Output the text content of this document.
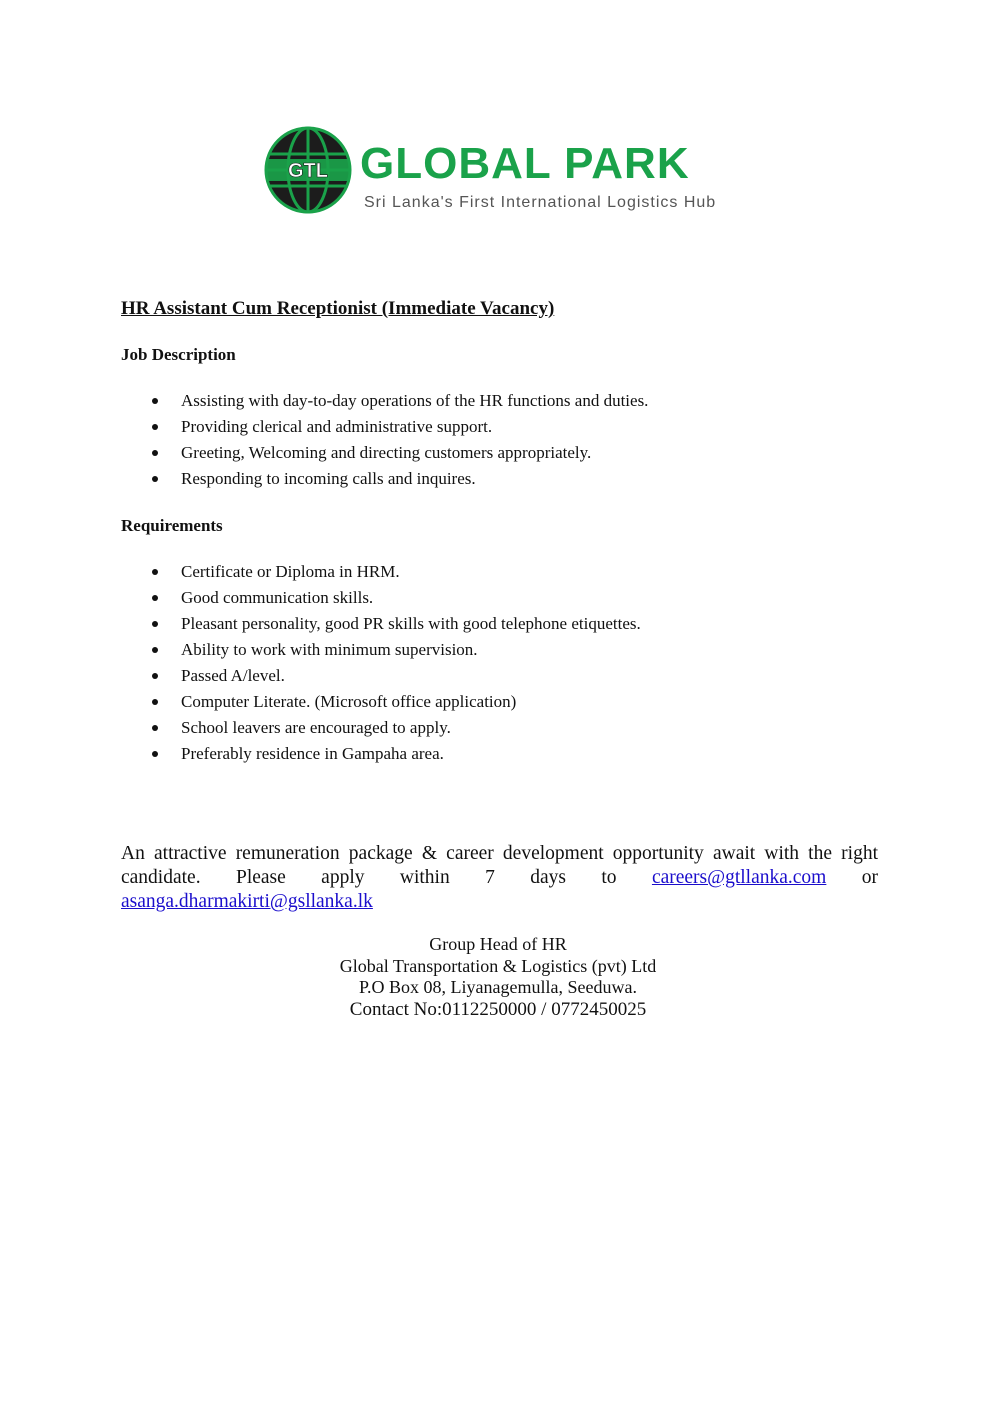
GTL GLOBAL PARK
Sri Lanka's First International Logistics Hub
HR Assistant Cum Receptionist (Immediate Vacancy)
Job Description
Assisting with day-to-day operations of the HR functions and duties.
Providing clerical and administrative support.
Greeting, Welcoming and directing customers appropriately.
Responding to incoming calls and inquires.
Requirements
Certificate or Diploma in HRM.
Good communication skills.
Pleasant personality, good PR skills with good telephone etiquettes.
Ability to work with minimum supervision.
Passed A/level.
Computer Literate. (Microsoft office application)
School leavers are encouraged to apply.
Preferably residence in Gampaha area.

An attractive remuneration package & career development opportunity await with the right
candidate. Please apply within 7 days to careers@gtllanka.com or asanga.dharmakirti@gsllanka.lk

Group Head of HR
Global Transportation & Logistics (pvt) Ltd
P.O Box 08, Liyanagemulla, Seeduwa.
Contact No:0112250000 / 0772450025
